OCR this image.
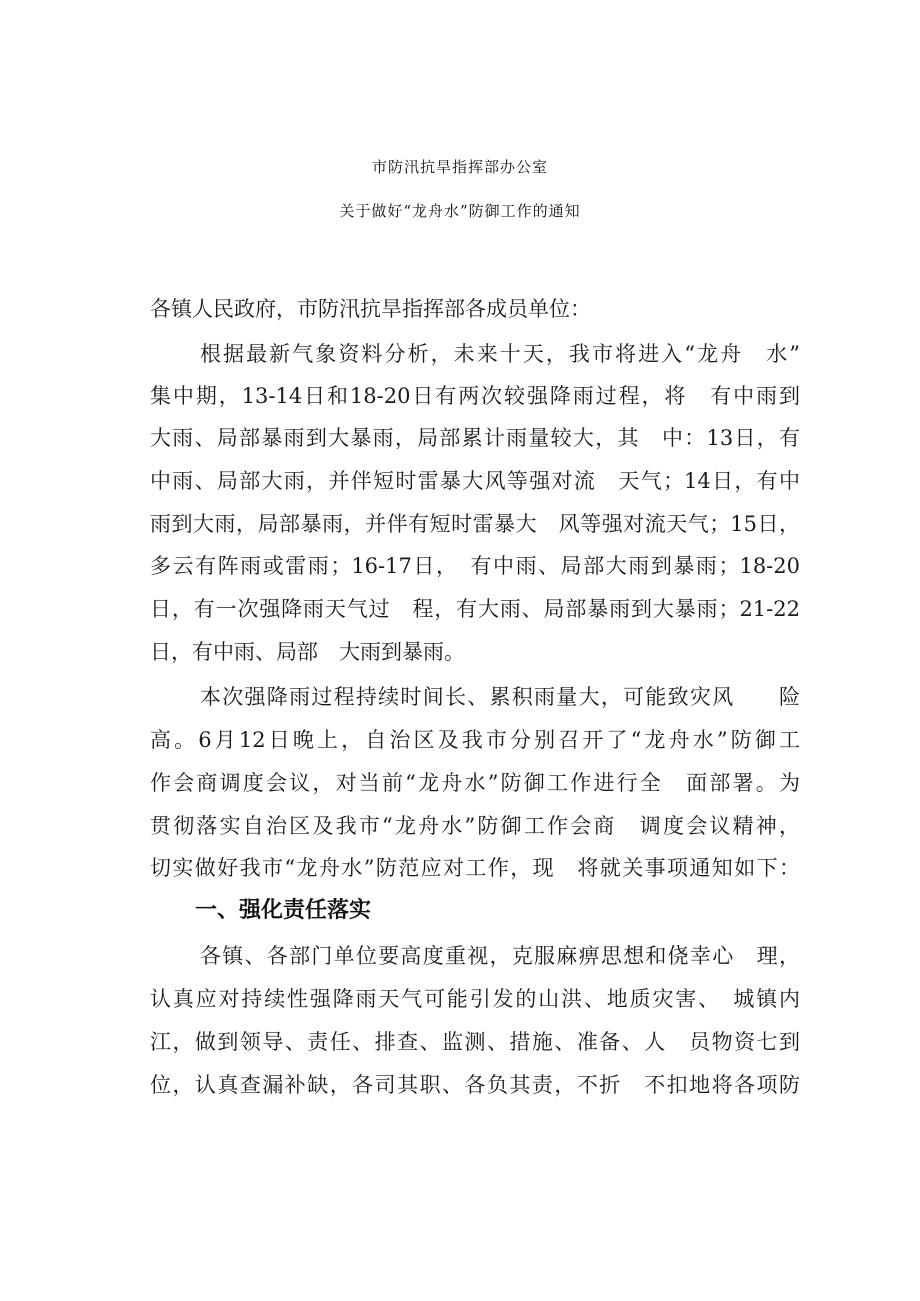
市防汛抗旱指挥部办公室
关于做好“龙舟水”防御工作的通知
各镇人民政府，市防汛抗旱指挥部各成员单位：
根据最新气象资料分析，未来十天，我市将进入“龙舟　水”
集中期，13-14日和18-20日有两次较强降雨过程，将　有中雨到
大雨、局部暴雨到大暴雨，局部累计雨量较大，其　中：13日，有
中雨、局部大雨，并伴短时雷暴大风等强对流　天气；14日，有中
雨到大雨，局部暴雨，并伴有短时雷暴大　风等强对流天气；15日，
多云有阵雨或雷雨；16-17日，　有中雨、局部大雨到暴雨；18-20
日，有一次强降雨天气过　程，有大雨、局部暴雨到大暴雨；21-22
日，有中雨、局部　大雨到暴雨。
本次强降雨过程持续时间长、累积雨量大，可能致灾风　　险
高。6月12日晚上，自治区及我市分别召开了“龙舟水”防御工
作会商调度会议，对当前“龙舟水”防御工作进行全　面部署。为
贯彻落实自治区及我市“龙舟水”防御工作会商　调度会议精神，
切实做好我市“龙舟水”防范应对工作，现　将就关事项通知如下：
一、强化责任落实
各镇、各部门单位要高度重视，克服麻痹思想和侥幸心　理，
认真应对持续性强降雨天气可能引发的山洪、地质灾害、　城镇内
江，做到领导、责任、排查、监测、措施、准备、人　员物资七到
位，认真查漏补缺，各司其职、各负其责，不折　不扣地将各项防
